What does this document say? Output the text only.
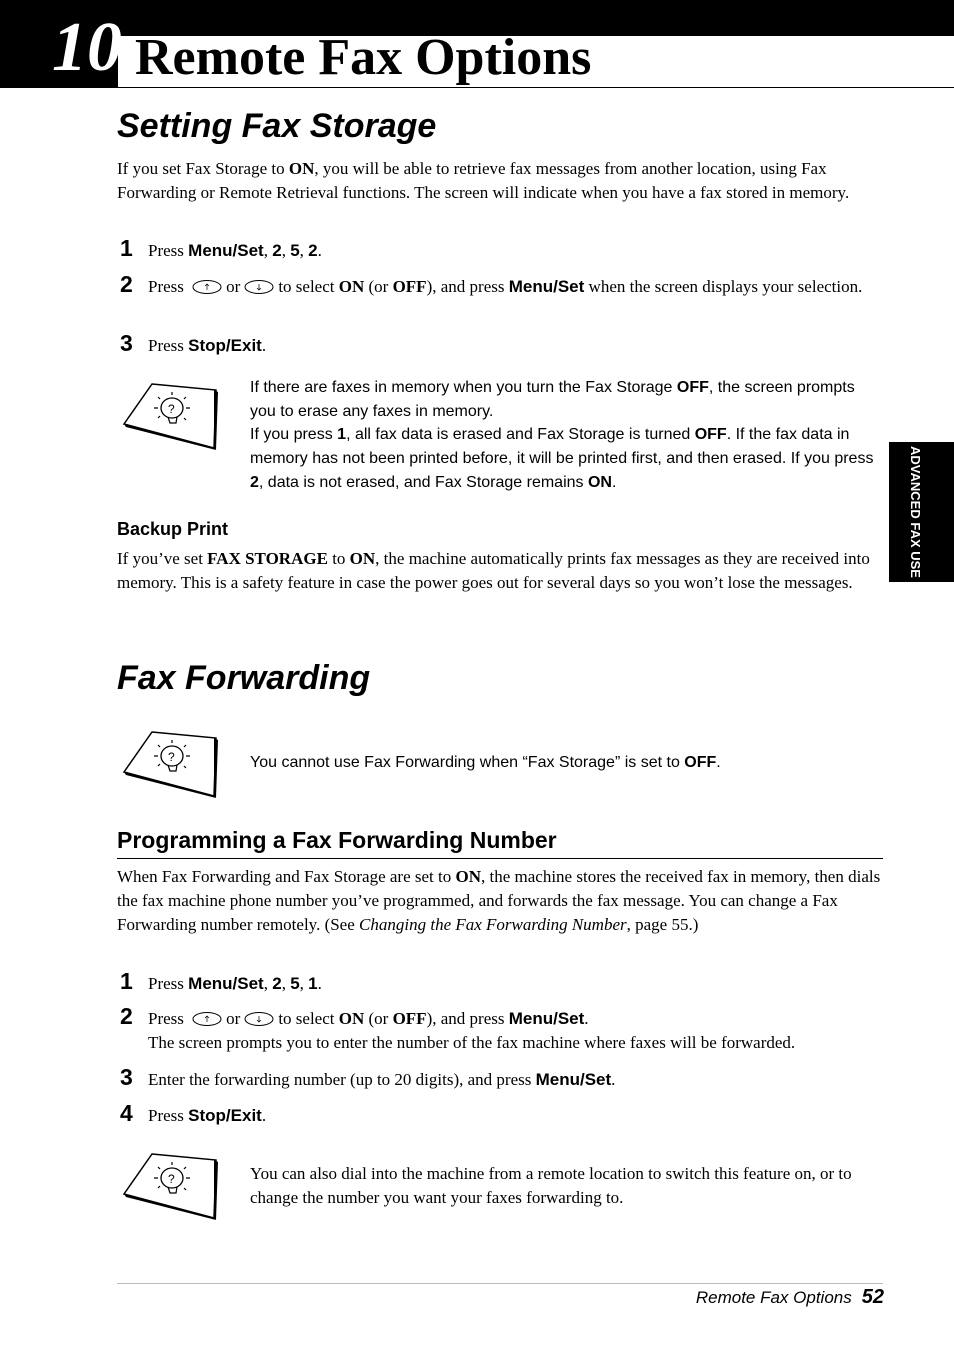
10 Remote Fax Options
ADVANCED FAX USE
Setting Fax Storage
If you set Fax Storage to ON, you will be able to retrieve fax messages from another location, using Fax Forwarding or Remote Retrieval functions. The screen will indicate when you have a fax stored in memory.
1 Press Menu/Set, 2, 5, 2.
2 Press or to select ON (or OFF), and press Menu/Set when the screen displays your selection.
3 Press Stop/Exit.
?
If there are faxes in memory when you turn the Fax Storage OFF, the screen prompts you to erase any faxes in memory.
If you press 1, all fax data is erased and Fax Storage is turned OFF. If the fax data in memory has not been printed before, it will be printed first, and then erased. If you press 2, data is not erased, and Fax Storage remains ON.
Backup Print
If you’ve set FAX STORAGE to ON, the machine automatically prints fax messages as they are received into memory. This is a safety feature in case the power goes out for several days so you won’t lose the messages.
Fax Forwarding
?	You cannot use Fax Forwarding when “Fax Storage” is set to OFF.
Programming a Fax Forwarding Number
When Fax Forwarding and Fax Storage are set to ON, the machine stores the received fax in memory, then dials the fax machine phone number you’ve programmed, and forwards the fax message. You can change a Fax Forwarding number remotely. (See Changing the Fax Forwarding Number, page 55.)
1 Press Menu/Set, 2, 5, 1.
2 Press or to select ON (or OFF), and press Menu/Set.
The screen prompts you to enter the number of the fax machine where faxes will be forwarded.
3 Enter the forwarding number (up to 20 digits), and press Menu/Set.
4 Press Stop/Exit.
?	You can also dial into the machine from a remote location to switch this feature on, or to change the number you want your faxes forwarding to.
Remote Fax Options 52
